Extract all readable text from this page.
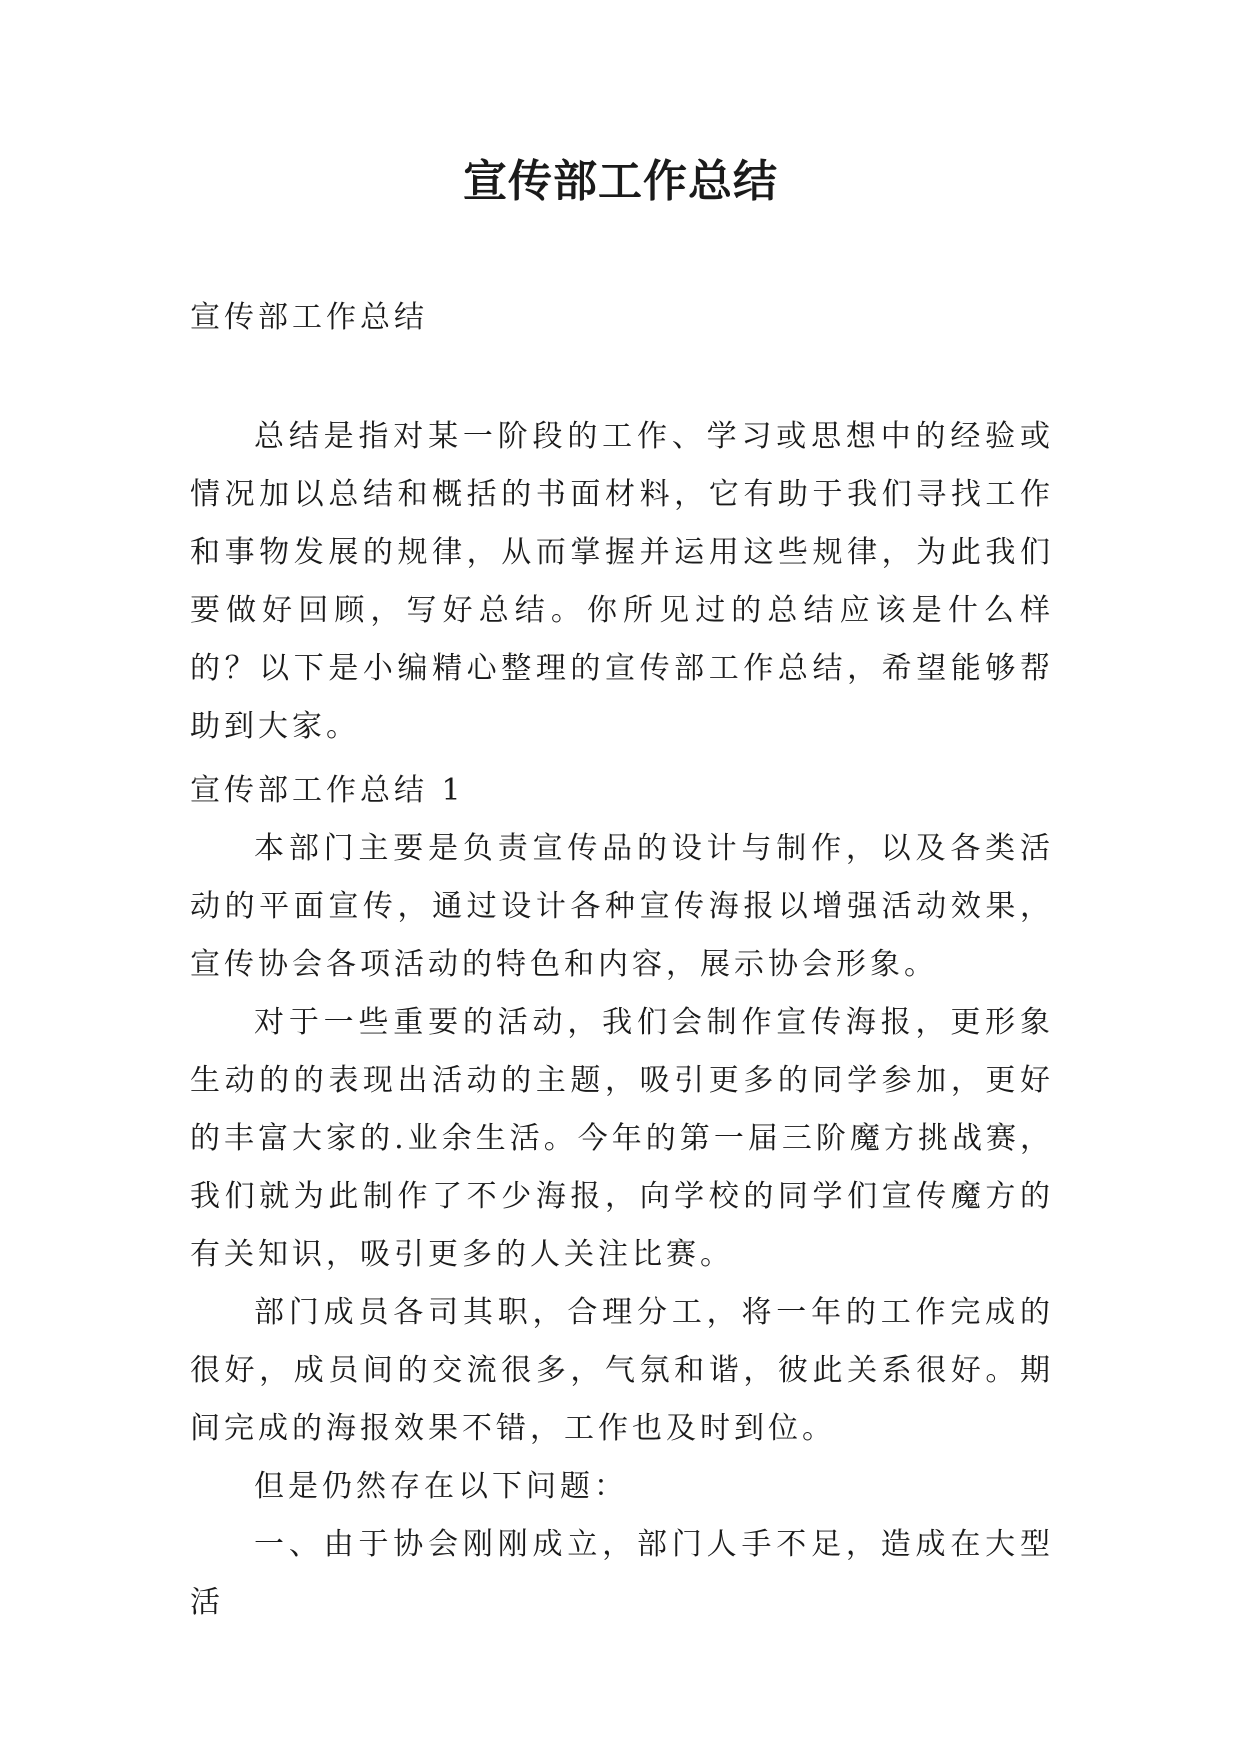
宣传部工作总结

宣传部工作总结

总结是指对某一阶段的工作、学习或思想中的经验或情况加以总结和概括的书面材料，它有助于我们寻找工作和事物发展的规律，从而掌握并运用这些规律，为此我们要做好回顾，写好总结。你所见过的总结应该是什么样的？以下是小编精心整理的宣传部工作总结，希望能够帮助到大家。

宣传部工作总结 1

本部门主要是负责宣传品的设计与制作，以及各类活动的平面宣传，通过设计各种宣传海报以增强活动效果，宣传协会各项活动的特色和内容，展示协会形象。

对于一些重要的活动，我们会制作宣传海报，更形象生动的的表现出活动的主题，吸引更多的同学参加，更好的丰富大家的.业余生活。今年的第一届三阶魔方挑战赛，我们就为此制作了不少海报，向学校的同学们宣传魔方的有关知识，吸引更多的人关注比赛。

部门成员各司其职，合理分工，将一年的工作完成的很好，成员间的交流很多，气氛和谐，彼此关系很好。期间完成的海报效果不错，工作也及时到位。

但是仍然存在以下问题：

一、由于协会刚刚成立，部门人手不足，造成在大型活
